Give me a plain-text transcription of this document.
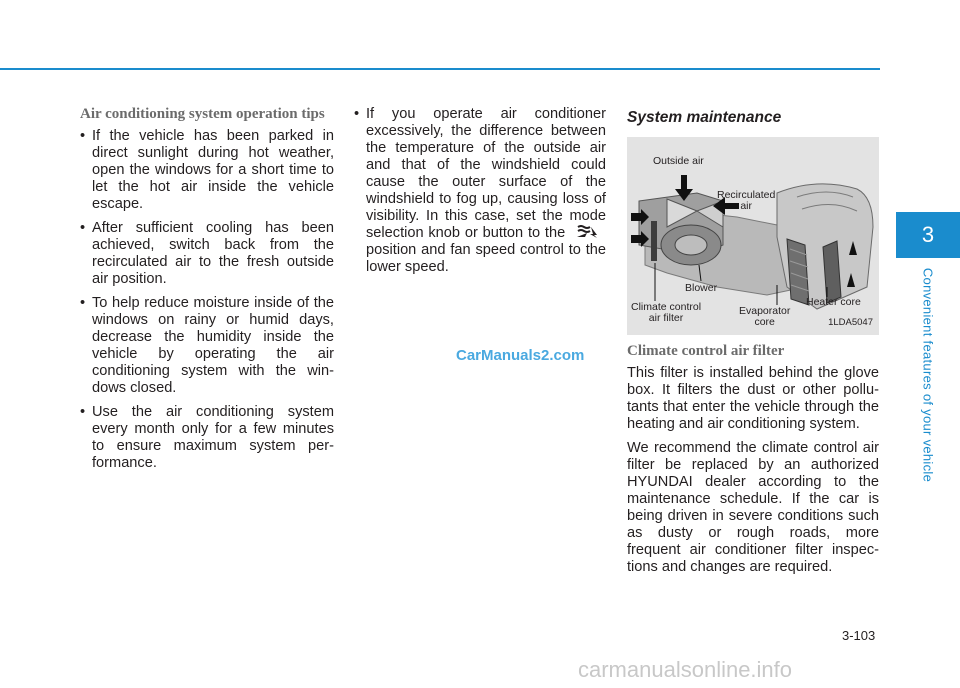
Air conditioning system operation tips
• If the vehicle has been parked in direct sunlight during hot weather, open the windows for a short time to let the hot air inside the vehicle escape.
• After sufficient cooling has been achieved, switch back from the recirculated air to the fresh outside air position.
• To help reduce moisture inside of the windows on rainy or humid days, decrease the humidity inside the vehicle by operating the air conditioning system with the win-dows closed.
• Use the air conditioning system every month only for a few minutes to ensure maximum system per-formance.
• If you operate air conditioner excessively, the difference between the temperature of the outside air and that of the windshield could cause the outer surface of the windshield to fog up, causing loss of visibility. In this case, set the mode selection knob or button to the  position and fan speed control to the lower speed.
System maintenance
Outside air
Recirculated
air
Blower
Climate control
air filter
Evaporator
core
Heater core
1LDA5047
Climate control air filter

This filter is installed behind the glove box. It filters the dust or other pollu-tants that enter the vehicle through the heating and air conditioning system.

We recommend the climate control air filter be replaced by an authorized HYUNDAI dealer according to the maintenance schedule. If the car is being driven in severe conditions such as dusty or rough roads, more frequent air conditioner filter inspec-tions and changes are required.

3
Convenient features of your vehicle
CarManuals2.com
carmanualsonline.info
3-103
